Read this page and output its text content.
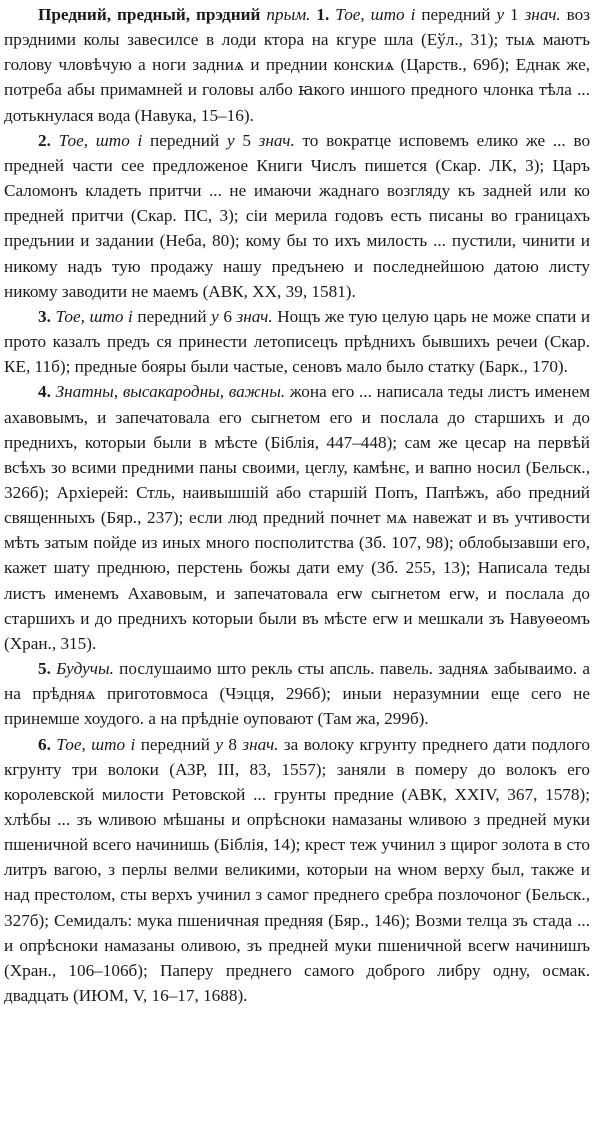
Предний, предный, прэдний прым. 1. Тое, што і передний у 1 знач. воз прэдними колы завесилсе в лоди ктора на кгуре шла (Еўл., 31); тыѧ маютъ голову чловѣчую а ноги задниѧ и преднии конскиѧ (Царств., 69б); Еднак же, потреба абы примамней и головы албо ꙗкого иншого предного члонка тѣла ... дотькнулася вода (Навука, 15–16).

2. Тое, што і передний у 5 знач. то вократце исповемъ елико же ... во предней части сее предложеное Книги Числъ пишется (Скар. ЛК, 3); Царъ Саломонъ кладеть притчи ... не имаючи жаднаго возгляду къ задней или ко предней притчи (Скар. ПС, 3); сіи мерила годовъ есть писаны во границахъ предънии и задании (Неба, 80); кому бы то ихъ милость ... пустили, чинити и никому надъ тую продажу нашу предънею и последнейшою датою листу никому заводити не маемъ (АВК, XX, 39, 1581).

3. Тое, што і передний у 6 знач. Нощъ же тую целую царь не може спати и прото казалъ предъ ся принести летописецъ прѣднихъ бывшихъ речеи (Скар. КЕ, 11б); предные бояры были частые, сеновъ мало было статку (Барк., 170).

4. Знатны, высакародны, важны. жона его ... написала теды листъ именем ахавовымъ, и запечатовала его сыгнетом его и послала до старшихъ и до преднихъ, которыи были в мѣсте (Біблія, 447–448); сам же цесар на первѣй всѣхъ зо всими предними паны своими, цеглу, камѣнє, и вапно носил (Бельск., 326б); Архіерей: Стль, наивышшій або старшій Попъ, Папѣжъ, або предний священныхъ (Бяр., 237); если люд предний почнет мѧ навежат и въ учтивости мѣть затым пойде из иных много посполитства (Зб. 107, 98); облобызавши его, кажет шату преднюю, перстень божы дати ему (Зб. 255, 13); Написала теды листъ именемъ Ахавовым, и запечатовала егѡ сыгнетом егѡ, и послала до старшихъ и до преднихъ которыи были въ мѣсте егѡ и мешкали зъ Навуѳеомъ (Хран., 315).

5. Будучы. послушаимо што рекль сты апсль. павель. задняѧ забываимо. а на прѣдняѧ приготовмоса (Чэцця, 296б); иныи неразумнии еще сего не принемше хоудого. а на прѣдніе оуповают (Там жа, 299б).

6. Тое, што і передний у 8 знач. за волоку кгрунту преднего дати подлого кгрунту три волоки (АЗР, III, 83, 1557); заняли в померу до волокъ его королевской милости Ретовской ... грунты предние (АВК, XXIV, 367, 1578); хлѣбы ... зъ ѡливою мѣшаны и опрѣсноки намазаны ѡливою з предней муки пшеничной всего начинишь (Біблія, 14); крест теж учинил з щирог золота в сто литръ вагою, з перлы велми великими, которыи на ѡном верху был, также и над престолом, сты верхъ учинил з самог преднего сребра позлочоног (Бельск., 327б); Семидалъ: мука пшеничная предняя (Бяр., 146); Возми телца зъ стада ... и опрѣсноки намазаны оливою, зъ предней муки пшеничной всегѡ начинишъ (Хран., 106–106б); Паперу преднего самого доброго либру одну, осмак. двадцать (ИЮМ, V, 16–17, 1688).
